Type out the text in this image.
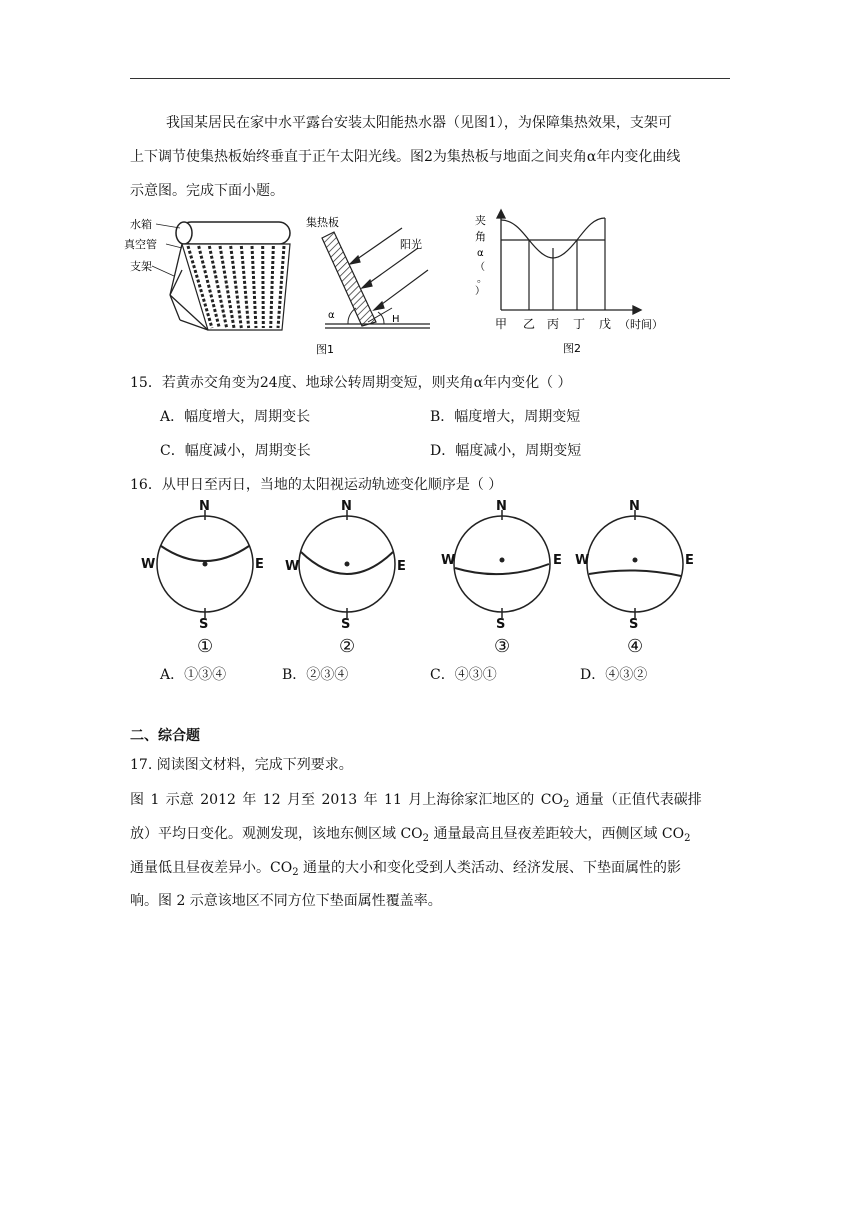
我国某居民在家中水平露台安装太阳能热水器（见图1），为保障集热效果，支架可
上下调节使集热板始终垂直于正午太阳光线。图2为集热板与地面之间夹角α年内变化曲线
示意图。完成下面小题。
水箱
真空管
支架
集热板
阳光
α	H
图1
夹
角
α
（
。
）
甲 乙 丙 丁 戊 （时间）
图2
15．若黄赤交角变为24度、地球公转周期变短，则夹角α年内变化（ ）
A．幅度增大，周期变长	B．幅度增大，周期变短
C．幅度减小，周期变长	D．幅度减小，周期变短
16．从甲日至丙日，当地的太阳视运动轨迹变化顺序是（ ）
N
S
W	E
N
S
W	E
N
S
W	E
N
S
W	E
①	②	③	④
A．①③④	B．②③④	C．④③①	D．④③②
二、综合题
17. 阅读图文材料，完成下列要求。
图 1 示意 2012 年 12 月至 2013 年 11 月上海徐家汇地区的 $CO_2$ 通量（正值代表碳排
放）平均日变化。观测发现，该地东侧区域 $CO_2$ 通量最高且昼夜差距较大，西侧区域 $CO_2$
通量低且昼夜差异小。$CO_2$ 通量的大小和变化受到人类活动、经济发展、下垫面属性的影
响。图 2 示意该地区不同方位下垫面属性覆盖率。
